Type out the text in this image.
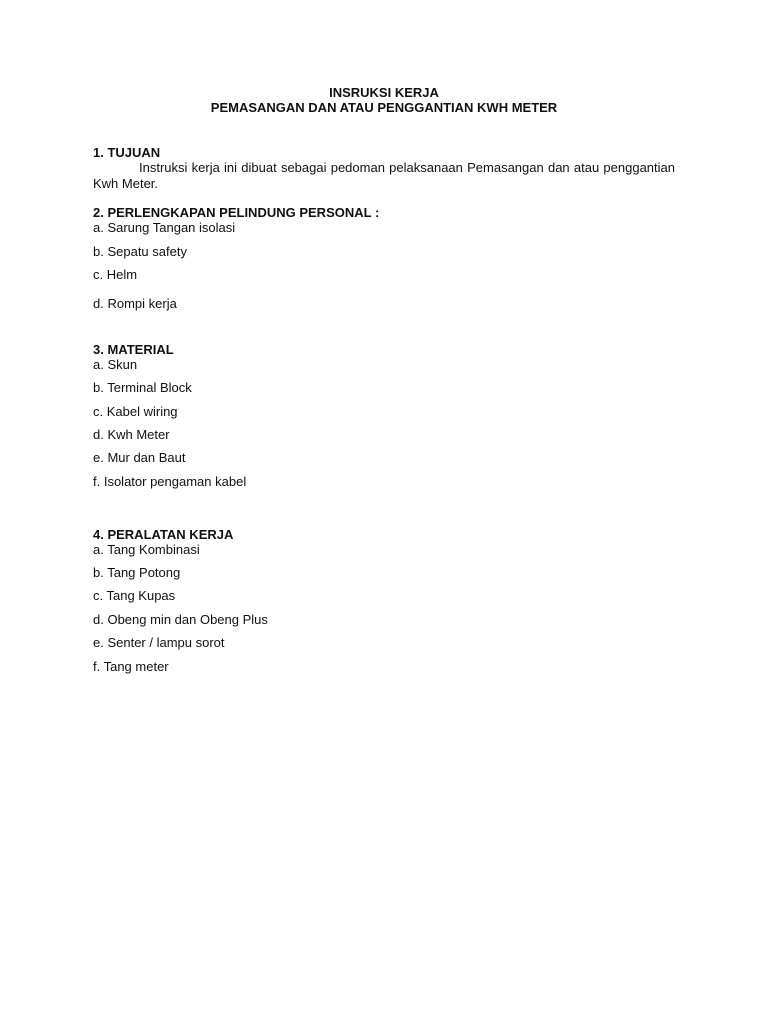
INSRUKSI KERJA
PEMASANGAN DAN ATAU PENGGANTIAN KWH METER
1. TUJUAN
Instruksi kerja ini dibuat sebagai pedoman pelaksanaan Pemasangan dan atau penggantian Kwh Meter.
2. PERLENGKAPAN PELINDUNG PERSONAL :
a. Sarung Tangan isolasi
b. Sepatu safety
c. Helm
d. Rompi kerja
3. MATERIAL
a. Skun
b. Terminal Block
c. Kabel wiring
d. Kwh Meter
e. Mur dan Baut
f. Isolator pengaman kabel
4. PERALATAN KERJA
a. Tang Kombinasi
b. Tang Potong
c. Tang Kupas
d. Obeng min dan Obeng Plus
e. Senter / lampu sorot
f. Tang meter
